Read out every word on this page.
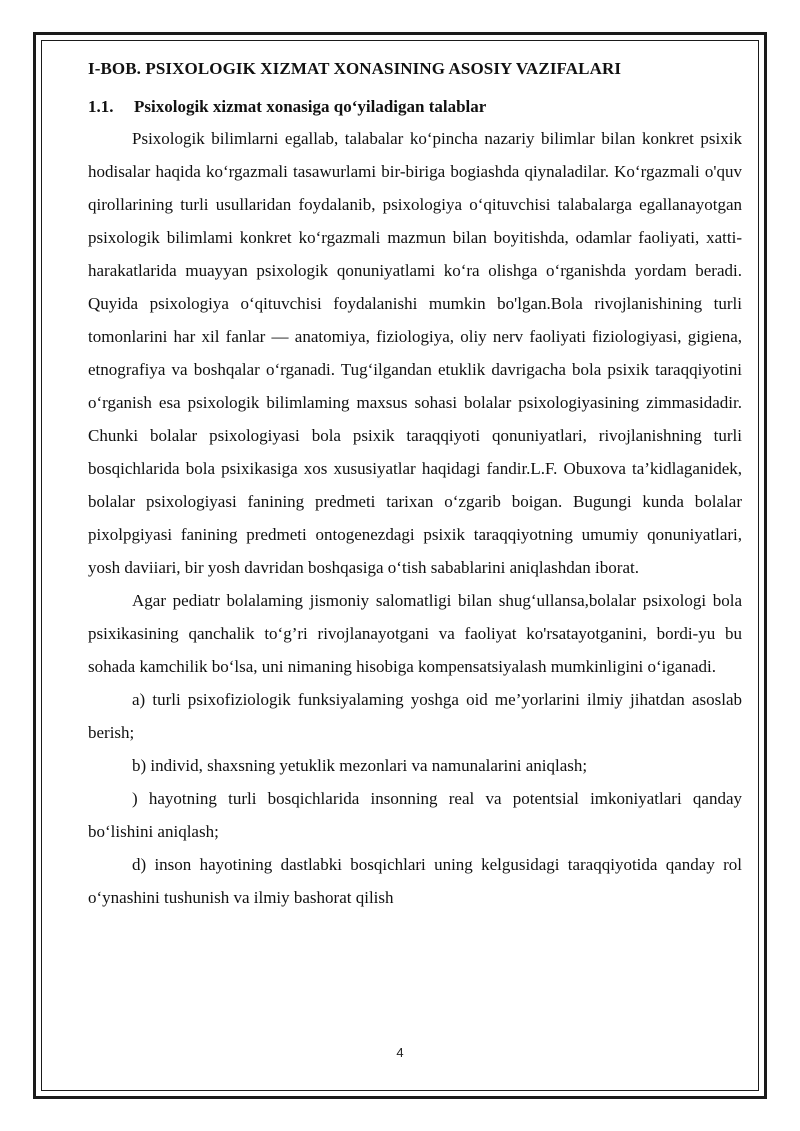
I-BOB. PSIXOLOGIK XIZMAT XONASINING ASOSIY VAZIFALARI
1.1.	Psixologik xizmat xonasiga qo‘yiladigan talablar

Psixologik bilimlarni egallab, talabalar ko‘pincha nazariy bilimlar bilan konkret psixik hodisalar haqida ko‘rgazmali tasawurlami bir-biriga bogiashda qiynaladilar. Ko‘rgazmali o'quv qirollarining turli usullaridan foydalanib, psixologiya o‘qituvchisi talabalarga egallanayotgan psixologik bilimlami konkret ko‘rgazmali mazmun bilan boyitishda, odamlar faoliyati, xatti-harakatlarida muayyan psixologik qonuniyatlami ko‘ra olishga o‘rganishda yordam beradi. Quyida psixologiya o‘qituvchisi foydalanishi mumkin bo'lgan.Bola rivojlanishining turli tomonlarini har xil fanlar — anatomiya, fiziologiya, oliy nerv faoliyati fiziologiyasi, gigiena, etnografiya va boshqalar o‘rganadi. Tug‘ilgandan etuklik davrigacha bola psixik taraqqiyotini o‘rganish esa psixologik bilimlaming maxsus sohasi bolalar psixologiyasining zimmasidadir. Chunki bolalar psixologiyasi bola psixik taraqqiyoti qonuniyatlari, rivojlanishning turli bosqichlarida bola psixikasiga xos xususiyatlar haqidagi fandir.L.F. Obuxova ta’kidlaganidek, bolalar psixologiyasi fanining predmeti tarixan o‘zgarib boigan. Bugungi kunda bolalar pixolpgiyasi fanining predmeti ontogenezdagi psixik taraqqiyotning umumiy qonuniyatlari, yosh daviiari, bir yosh davridan boshqasiga o‘tish sabablarini aniqlashdan iborat.

Agar pediatr bolalaming jismoniy salomatligi bilan shug‘ullansa,bolalar psixologi bola psixikasining qanchalik to‘g’ri rivojlanayotgani va faoliyat ko'rsatayotganini, bordi-yu bu sohada kamchilik bo‘lsa, uni nimaning hisobiga kompensatsiyalash mumkinligini o‘iganadi.

a) turli psixofiziologik funksiyalaming yoshga oid me’yorlarini ilmiy jihatdan asoslab berish;

b) individ, shaxsning yetuklik mezonlari va namunalarini aniqlash;

) hayotning turli bosqichlarida insonning real va potentsial imkoniyatlari qanday bo‘lishini aniqlash;

d) inson hayotining dastlabki bosqichlari uning kelgusidagi taraqqiyotida qanday rol o‘ynashini tushunish va ilmiy bashorat qilish

4
